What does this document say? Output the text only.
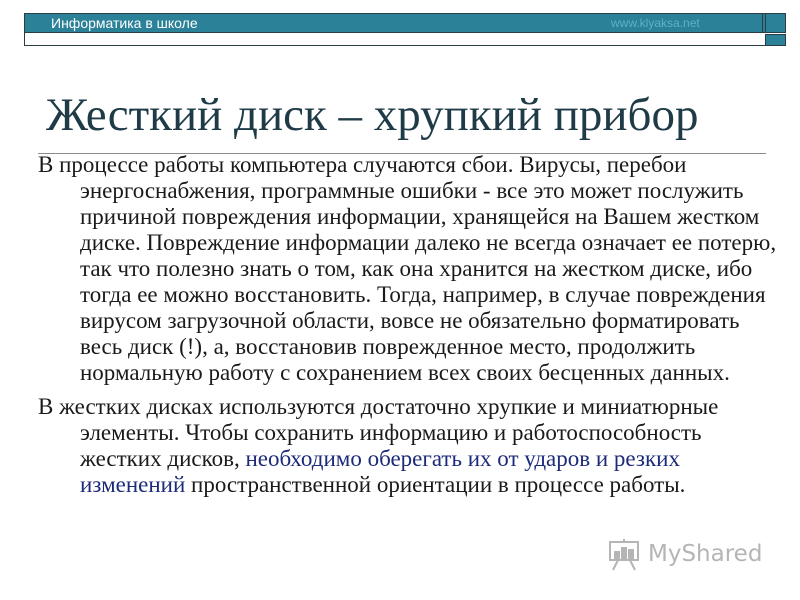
Информатика в школе	www.klyaksa.net
Жесткий диск – хрупкий прибор

В процессе работы компьютера случаются сбои. Вирусы, перебои энергоснабжения, программные ошибки - все это может послужить причиной повреждения информации, хранящейся на Вашем жестком диске. Повреждение информации далеко не всегда означает ее потерю, так что полезно знать о том, как она хранится на жестком диске, ибо тогда ее можно восстановить. Тогда, например, в случае повреждения вирусом загрузочной области, вовсе не обязательно форматировать весь диск (!), а, восстановив поврежденное место, продолжить нормальную работу с сохранением всех своих бесценных данных.

В жестких дисках используются достаточно хрупкие и миниатюрные элементы. Чтобы сохранить информацию и работоспособность жестких дисков, необходимо оберегать их от ударов и резких изменений пространственной ориентации в процессе работы.

MyShared
